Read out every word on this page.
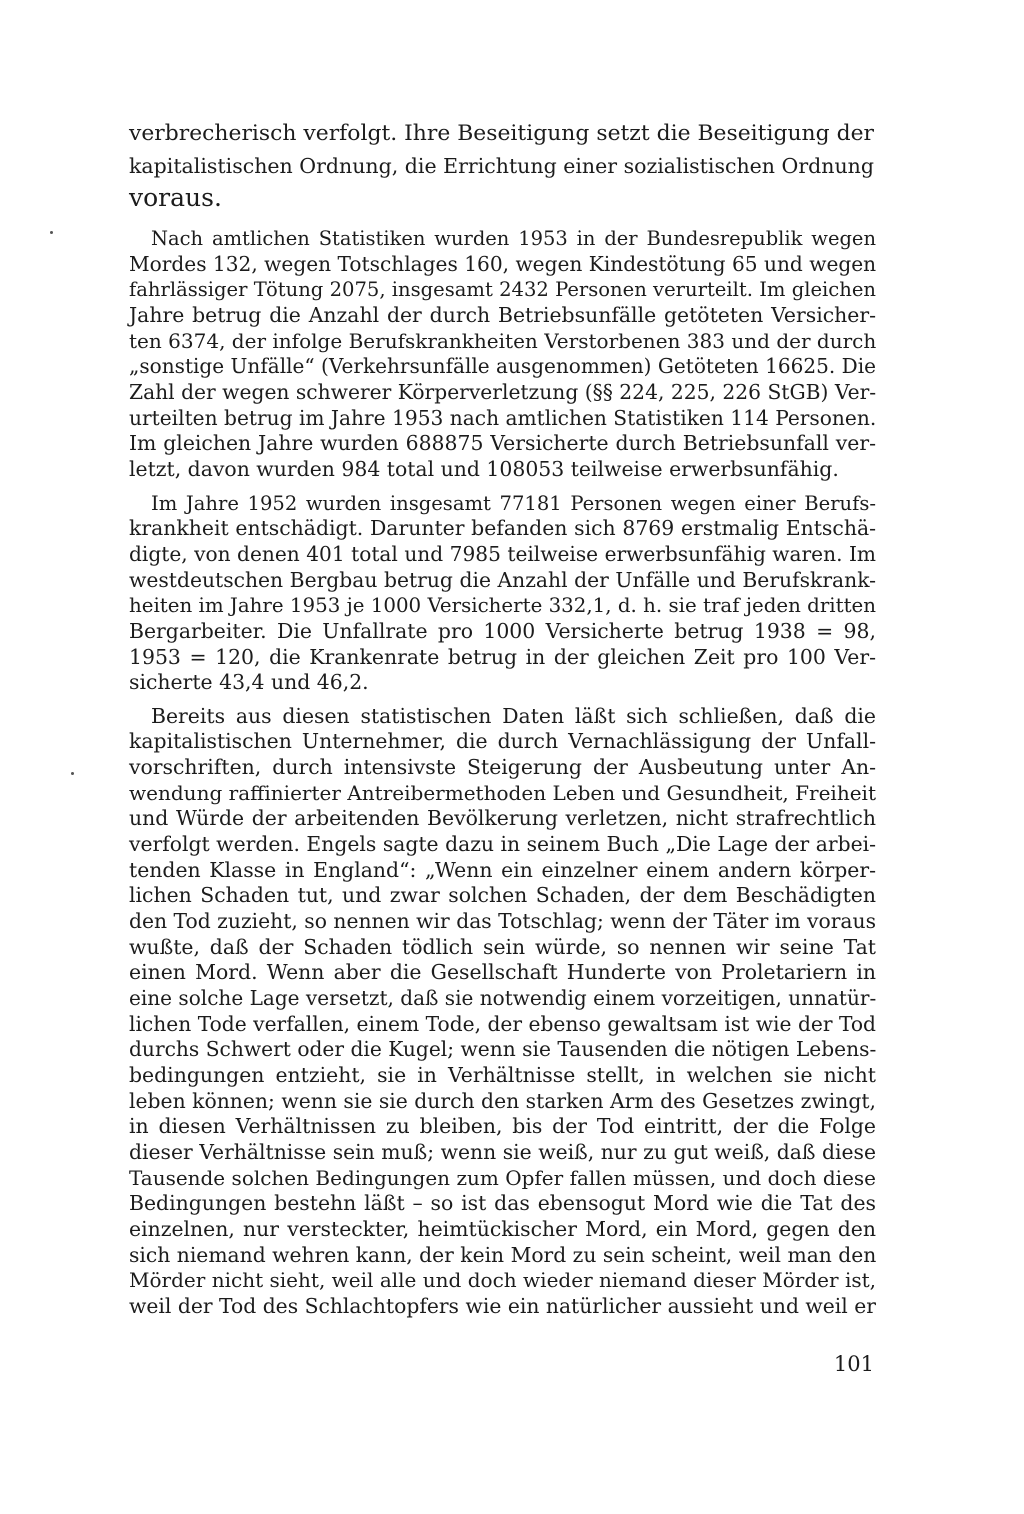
verbrecherisch verfolgt. Ihre Beseitigung setzt die Beseitigung der
kapitalistischen Ordnung, die Errichtung einer sozialistischen Ordnung
voraus.
Nach amtlichen Statistiken wurden 1953 in der Bundesrepublik wegen
Mordes 132, wegen Totschlages 160, wegen Kindestötung 65 und wegen
fahrlässiger Tötung 2075, insgesamt 2432 Personen verurteilt. Im gleichen
Jahre betrug die Anzahl der durch Betriebsunfälle getöteten Versicher-
ten 6374, der infolge Berufskrankheiten Verstorbenen 383 und der durch
„sonstige Unfälle“ (Verkehrsunfälle ausgenommen) Getöteten 16625. Die
Zahl der wegen schwerer Körperverletzung (§§ 224, 225, 226 StGB) Ver-
urteilten betrug im Jahre 1953 nach amtlichen Statistiken 114 Personen.
Im gleichen Jahre wurden 688875 Versicherte durch Betriebsunfall ver-
letzt, davon wurden 984 total und 108053 teilweise erwerbsunfähig.
Im Jahre 1952 wurden insgesamt 77181 Personen wegen einer Berufs-
krankheit entschädigt. Darunter befanden sich 8769 erstmalig Entschä-
digte, von denen 401 total und 7985 teilweise erwerbsunfähig waren. Im
westdeutschen Bergbau betrug die Anzahl der Unfälle und Berufskrank-
heiten im Jahre 1953 je 1000 Versicherte 332,1, d. h. sie traf jeden dritten
Bergarbeiter. Die Unfallrate pro 1000 Versicherte betrug 1938 = 98,
1953 = 120, die Krankenrate betrug in der gleichen Zeit pro 100 Ver-
sicherte 43,4 und 46,2.
Bereits aus diesen statistischen Daten läßt sich schließen, daß die
kapitalistischen Unternehmer, die durch Vernachlässigung der Unfall-
vorschriften, durch intensivste Steigerung der Ausbeutung unter An-
wendung raffinierter Antreibermethoden Leben und Gesundheit, Freiheit
und Würde der arbeitenden Bevölkerung verletzen, nicht strafrechtlich
verfolgt werden. Engels sagte dazu in seinem Buch „Die Lage der arbei-
tenden Klasse in England“: „Wenn ein einzelner einem andern körper-
lichen Schaden tut, und zwar solchen Schaden, der dem Beschädigten
den Tod zuzieht, so nennen wir das Totschlag; wenn der Täter im voraus
wußte, daß der Schaden tödlich sein würde, so nennen wir seine Tat
einen Mord. Wenn aber die Gesellschaft Hunderte von Proletariern in
eine solche Lage versetzt, daß sie notwendig einem vorzeitigen, unnatür-
lichen Tode verfallen, einem Tode, der ebenso gewaltsam ist wie der Tod
durchs Schwert oder die Kugel; wenn sie Tausenden die nötigen Lebens-
bedingungen entzieht, sie in Verhältnisse stellt, in welchen sie nicht
leben können; wenn sie sie durch den starken Arm des Gesetzes zwingt,
in diesen Verhältnissen zu bleiben, bis der Tod eintritt, der die Folge
dieser Verhältnisse sein muß; wenn sie weiß, nur zu gut weiß, daß diese
Tausende solchen Bedingungen zum Opfer fallen müssen, und doch diese
Bedingungen bestehn läßt – so ist das ebensogut Mord wie die Tat des
einzelnen, nur versteckter, heimtückischer Mord, ein Mord, gegen den
sich niemand wehren kann, der kein Mord zu sein scheint, weil man den
Mörder nicht sieht, weil alle und doch wieder niemand dieser Mörder ist,
weil der Tod des Schlachtopfers wie ein natürlicher aussieht und weil er
101
